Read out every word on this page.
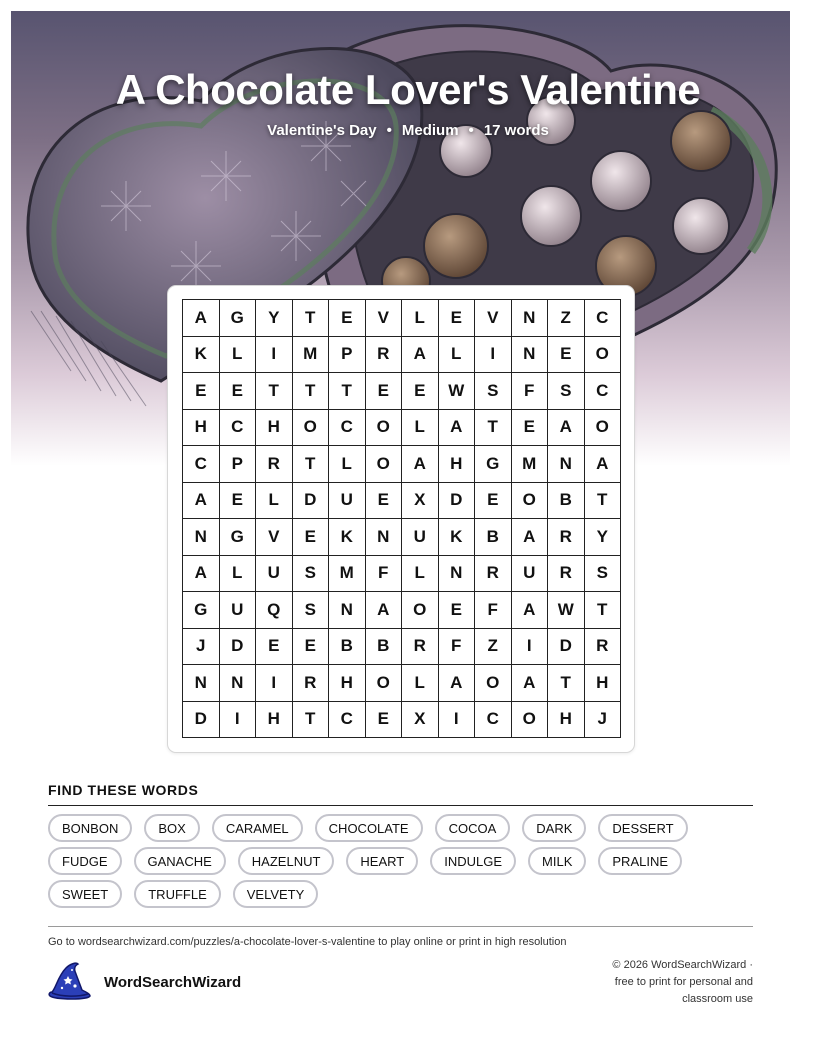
A Chocolate Lover's Valentine
Valentine's Day • Medium • 17 words
A	G	Y	T	E	V	L	E	V	N	Z	C
K	L	I	M	P	R	A	L	I	N	E	O
E	E	T	T	T	E	E	W	S	F	S	C
H	C	H	O	C	O	L	A	T	E	A	O
C	P	R	T	L	O	A	H	G	M	N	A
A	E	L	D	U	E	X	D	E	O	B	T
N	G	V	E	K	N	U	K	B	A	R	Y
A	L	U	S	M	F	L	N	R	U	R	S
G	U	Q	S	N	A	O	E	F	A	W	T
J	D	E	E	B	B	R	F	Z	I	D	R
N	N	I	R	H	O	L	A	O	A	T	H
D	I	H	T	C	E	X	I	C	O	H	J
FIND THESE WORDS
BONBON	BOX	CARAMEL	CHOCOLATE	COCOA	DARK	DESSERT
FUDGE	GANACHE	HAZELNUT	HEART	INDULGE	MILK	PRALINE
SWEET	TRUFFLE	VELVETY
Go to wordsearchwizard.com/puzzles/a-chocolate-lover-s-valentine to play online or print in high resolution
WordSearchWizard
© 2026 WordSearchWizard ·
free to print for personal and
classroom use
